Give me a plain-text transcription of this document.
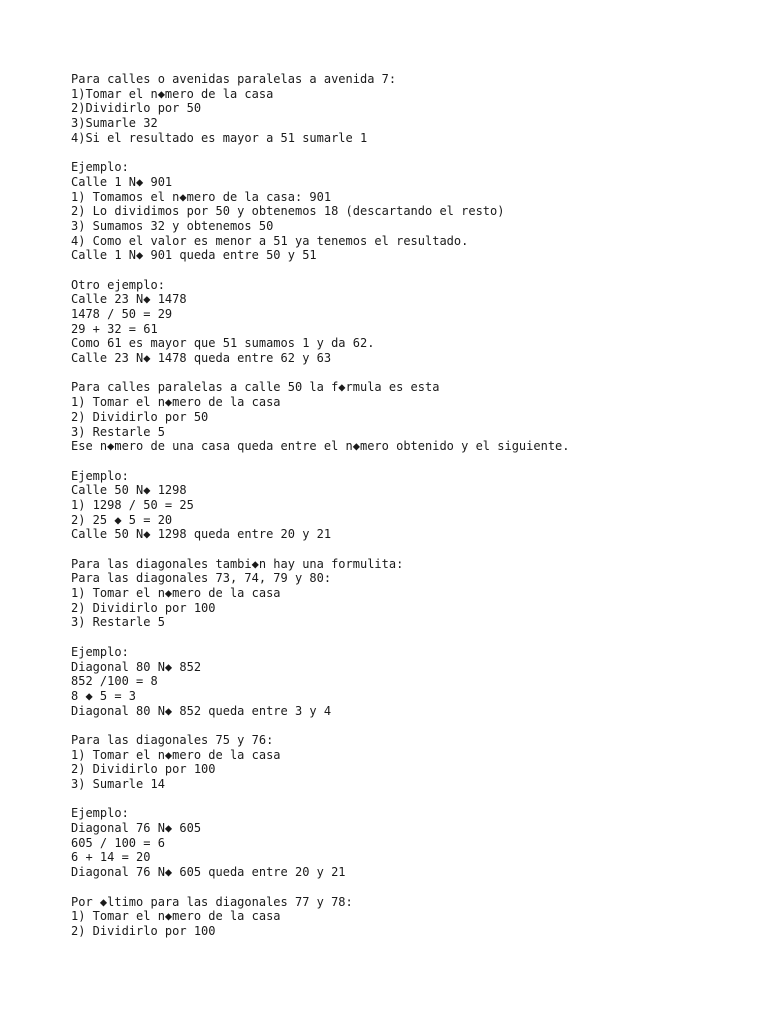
Para calles o avenidas paralelas a avenida 7:
1)Tomar el n◆mero de la casa
2)Dividirlo por 50
3)Sumarle 32
4)Si el resultado es mayor a 51 sumarle 1
Ejemplo:
Calle 1 N◆ 901
1) Tomamos el n◆mero de la casa: 901
2) Lo dividimos por 50 y obtenemos 18 (descartando el resto)
3) Sumamos 32 y obtenemos 50
4) Como el valor es menor a 51 ya tenemos el resultado.
Calle 1 N◆ 901 queda entre 50 y 51
Otro ejemplo:
Calle 23 N◆ 1478
1478 / 50 = 29
29 + 32 = 61
Como 61 es mayor que 51 sumamos 1 y da 62.
Calle 23 N◆ 1478 queda entre 62 y 63
Para calles paralelas a calle 50 la f◆rmula es esta
1) Tomar el n◆mero de la casa
2) Dividirlo por 50
3) Restarle 5
Ese n◆mero de una casa queda entre el n◆mero obtenido y el siguiente.
Ejemplo:
Calle 50 N◆ 1298
1) 1298 / 50 = 25
2) 25 ◆ 5 = 20
Calle 50 N◆ 1298 queda entre 20 y 21
Para las diagonales tambi◆n hay una formulita:
Para las diagonales 73, 74, 79 y 80:
1) Tomar el n◆mero de la casa
2) Dividirlo por 100
3) Restarle 5
Ejemplo:
Diagonal 80 N◆ 852
852 /100 = 8
8 ◆ 5 = 3
Diagonal 80 N◆ 852 queda entre 3 y 4
Para las diagonales 75 y 76:
1) Tomar el n◆mero de la casa
2) Dividirlo por 100
3) Sumarle 14
Ejemplo:
Diagonal 76 N◆ 605
605 / 100 = 6
6 + 14 = 20
Diagonal 76 N◆ 605 queda entre 20 y 21
Por ◆ltimo para las diagonales 77 y 78:
1) Tomar el n◆mero de la casa
2) Dividirlo por 100
